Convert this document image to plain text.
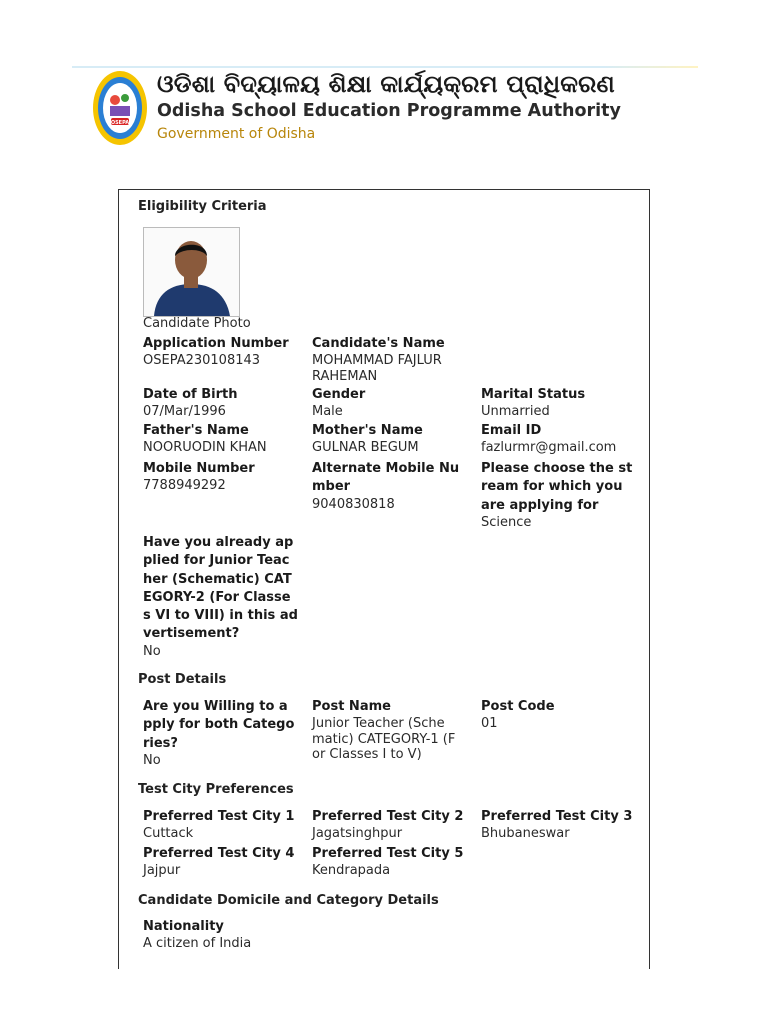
OSEPA
ଓଡିଶା ବିଦ୍ୟାଳୟ ଶିକ୍ଷା କାର୍ଯ୍ୟକ୍ରମ ପ୍ରାଧିକରଣ
Odisha School Education Programme Authority
Government of Odisha
Eligibility Criteria
Candidate Photo
Application Number
OSEPA230108143
Candidate's Name
MOHAMMAD FAJLUR
RAHEMAN
Date of Birth
07/Mar/1996
Gender
Male
Marital Status
Unmarried
Father's Name
NOORUODIN KHAN
Mother's Name
GULNAR BEGUM
Email ID
fazlurmr@gmail.com
Mobile Number
7788949292
Alternate Mobile Nu
mber
9040830818
Please choose the st
ream for which you
are applying for
Science
Have you already ap
plied for Junior Teac
her (Schematic) CAT
EGORY-2 (For Classe
s VI to VIII) in this ad
vertisement?
No
Post Details
Are you Willing to a
pply for both Catego
ries?
No
Post Name
Junior Teacher (Sche
matic) CATEGORY-1 (F
or Classes I to V)
Post Code
01
Test City Preferences
Preferred Test City 1
Cuttack
Preferred Test City 2
Jagatsinghpur
Preferred Test City 3
Bhubaneswar
Preferred Test City 4
Jajpur
Preferred Test City 5
Kendrapada
Candidate Domicile and Category Details
Nationality
A citizen of India
